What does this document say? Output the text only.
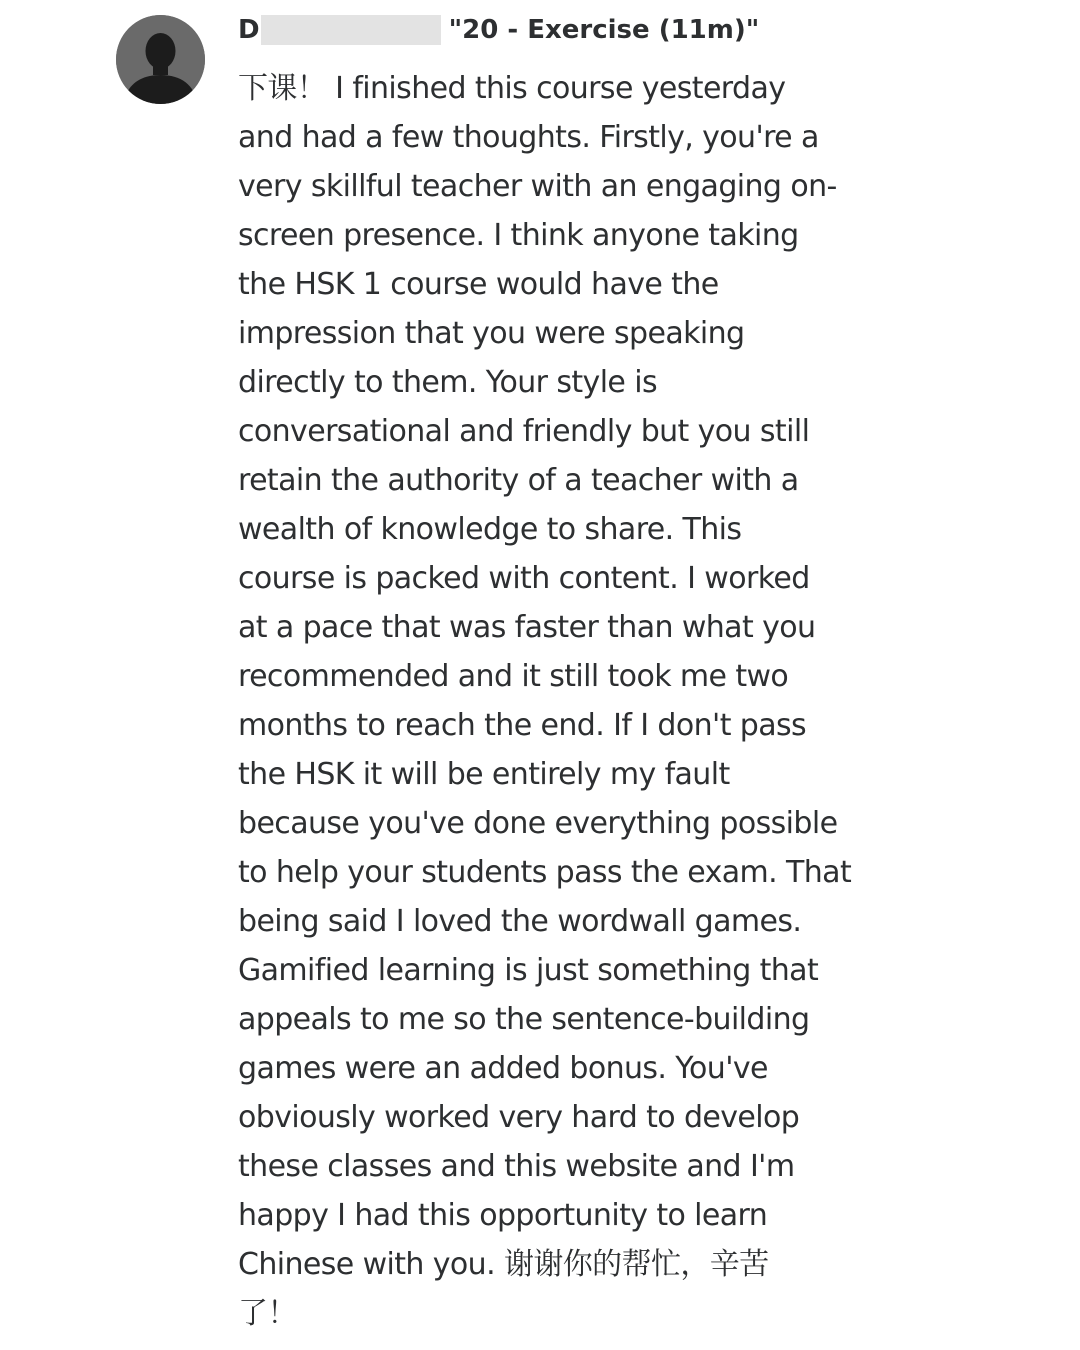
D	"20 - Exercise (11m)"
下课！ I finished this course yesterday
and had a few thoughts. Firstly, you're a
very skillful teacher with an engaging on-
screen presence. I think anyone taking
the HSK 1 course would have the
impression that you were speaking
directly to them. Your style is
conversational and friendly but you still
retain the authority of a teacher with a
wealth of knowledge to share. This
course is packed with content. I worked
at a pace that was faster than what you
recommended and it still took me two
months to reach the end. If I don't pass
the HSK it will be entirely my fault
because you've done everything possible
to help your students pass the exam. That
being said I loved the wordwall games.
Gamified learning is just something that
appeals to me so the sentence-building
games were an added bonus. You've
obviously worked very hard to develop
these classes and this website and I'm
happy I had this opportunity to learn
Chinese with you. 谢谢你的帮忙，辛苦
了！
